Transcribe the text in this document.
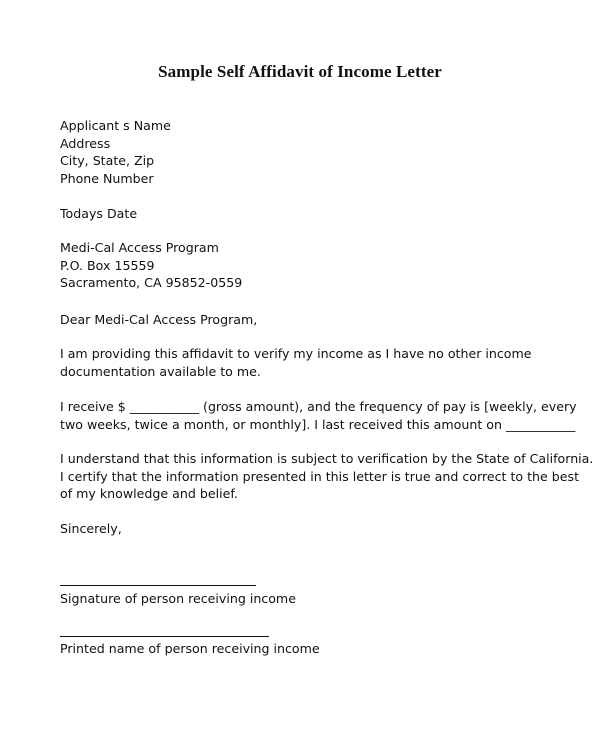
Sample Self Affidavit of Income Letter
Applicant s Name
Address
City, State, Zip
Phone Number
Todays Date
Medi-Cal Access Program
P.O. Box 15559
Sacramento, CA 95852-0559
Dear Medi-Cal Access Program,
I am providing this affidavit to verify my income as I have no other income
documentation available to me.
I receive $ ___________ (gross amount), and the frequency of pay is [weekly, every
two weeks, twice a month, or monthly]. I last received this amount on ___________
I understand that this information is subject to verification by the State of California.
I certify that the information presented in this letter is true and correct to the best
of my knowledge and belief.
Sincerely,
Signature of person receiving income
Printed name of person receiving income
